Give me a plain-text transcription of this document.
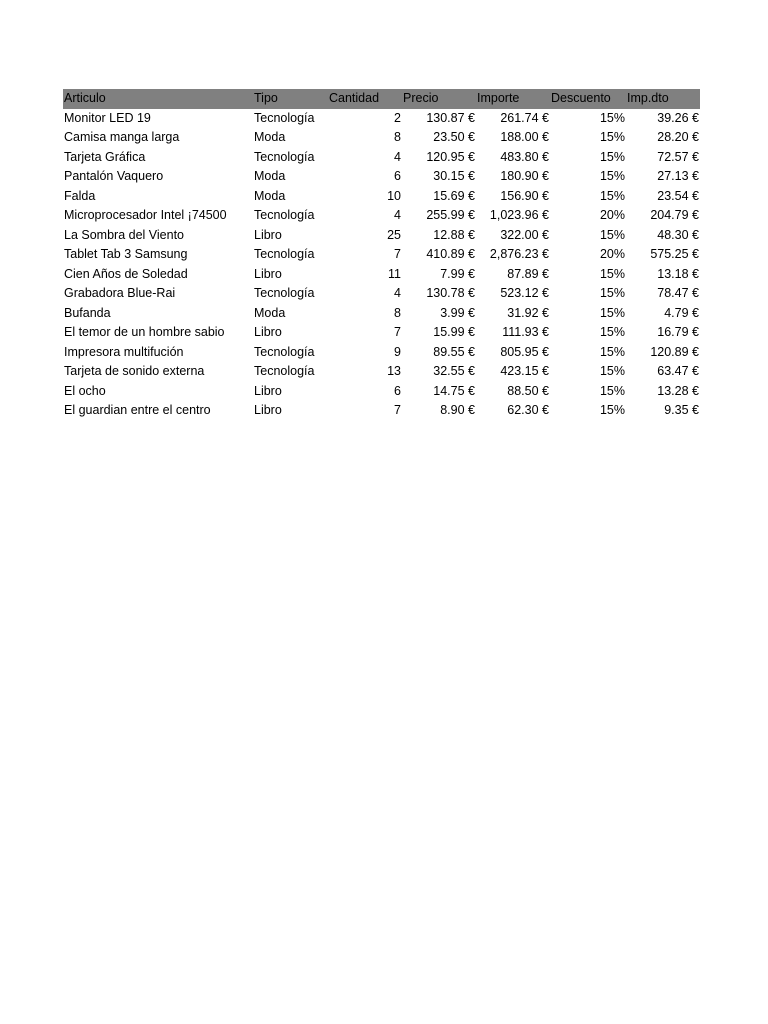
Articulo	Tipo	Cantidad	Precio	Importe	Descuento	Imp.dto
Monitor LED 19	Tecnología	2	130.87 €	261.74 €	15%	39.26 €
Camisa manga larga	Moda	8	23.50 €	188.00 €	15%	28.20 €
Tarjeta Gráfica	Tecnología	4	120.95 €	483.80 €	15%	72.57 €
Pantalón Vaquero	Moda	6	30.15 €	180.90 €	15%	27.13 €
Falda	Moda	10	15.69 €	156.90 €	15%	23.54 €
Microprocesador Intel ¡74500	Tecnología	4	255.99 €	1,023.96 €	20%	204.79 €
La Sombra del Viento	Libro	25	12.88 €	322.00 €	15%	48.30 €
Tablet Tab 3 Samsung	Tecnología	7	410.89 €	2,876.23 €	20%	575.25 €
Cien Años de Soledad	Libro	11	7.99 €	87.89 €	15%	13.18 €
Grabadora Blue-Rai	Tecnología	4	130.78 €	523.12 €	15%	78.47 €
Bufanda	Moda	8	3.99 €	31.92 €	15%	4.79 €
El temor de un hombre sabio	Libro	7	15.99 €	111.93 €	15%	16.79 €
Impresora multifución	Tecnología	9	89.55 €	805.95 €	15%	120.89 €
Tarjeta de sonido externa	Tecnología	13	32.55 €	423.15 €	15%	63.47 €
El ocho	Libro	6	14.75 €	88.50 €	15%	13.28 €
El guardian entre el centro	Libro	7	8.90 €	62.30 €	15%	9.35 €
